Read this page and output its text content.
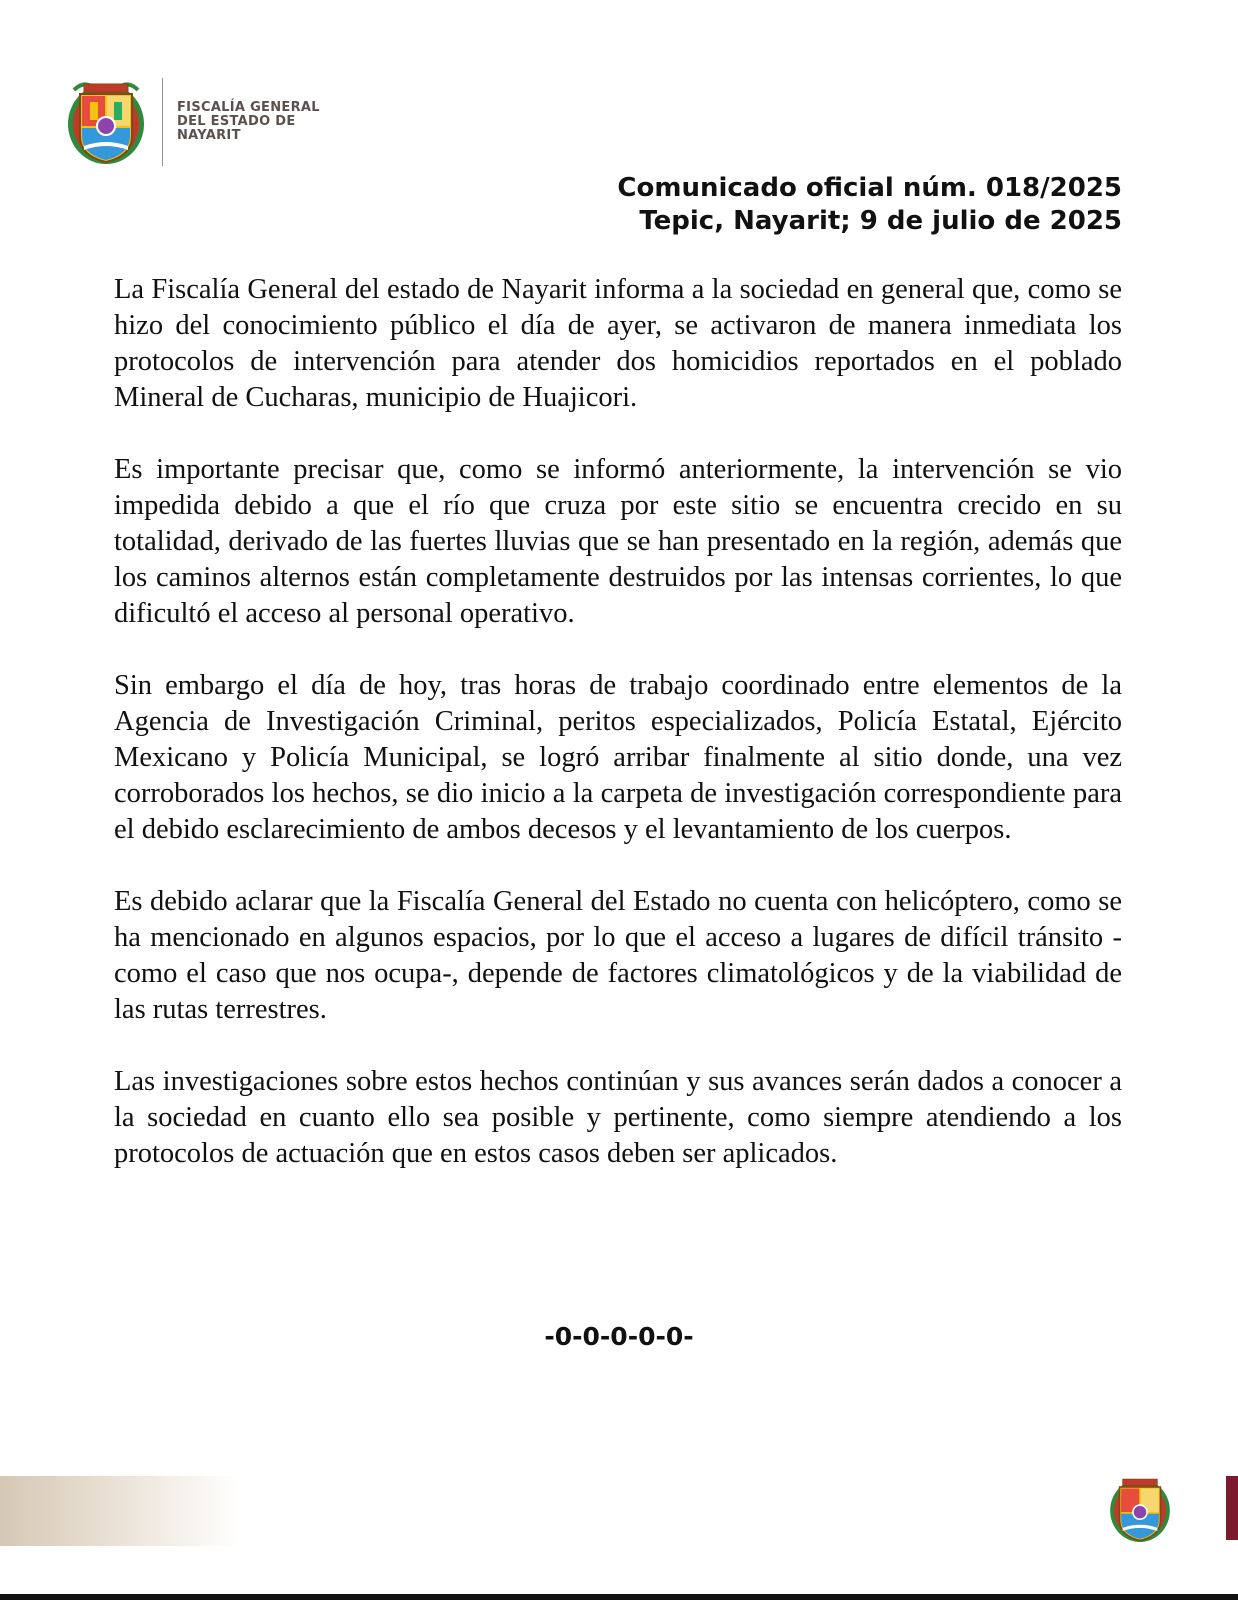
FISCALÍA GENERAL
DEL ESTADO DE
NAYARIT
Comunicado oficial núm. 018/2025
Tepic, Nayarit; 9 de julio de 2025

La Fiscalía General del estado de Nayarit informa a la sociedad en general que, como se hizo del conocimiento público el día de ayer, se activaron de manera inmediata los protocolos de intervención para atender dos homicidios reportados en el poblado Mineral de Cucharas, municipio de Huajicori.

Es importante precisar que, como se informó anteriormente, la intervención se vio impedida debido a que el río que cruza por este sitio se encuentra crecido en su totalidad, derivado de las fuertes lluvias que se han presentado en la región, además que los caminos alternos están completamente destruidos por las intensas corrientes, lo que dificultó el acceso al personal operativo.

Sin embargo el día de hoy, tras horas de trabajo coordinado entre elementos de la Agencia de Investigación Criminal, peritos especializados, Policía Estatal, Ejército Mexicano y Policía Municipal, se logró arribar finalmente al sitio donde, una vez corroborados los hechos, se dio inicio a la carpeta de investigación correspondiente para el debido esclarecimiento de ambos decesos y el levantamiento de los cuerpos.

Es debido aclarar que la Fiscalía General del Estado no cuenta con helicóptero, como se ha mencionado en algunos espacios, por lo que el acceso a lugares de difícil tránsito -como el caso que nos ocupa-, depende de factores climatológicos y de la viabilidad de las rutas terrestres.

Las investigaciones sobre estos hechos continúan y sus avances serán dados a conocer a la sociedad en cuanto ello sea posible y pertinente, como siempre atendiendo a los protocolos de actuación que en estos casos deben ser aplicados.

-0-0-0-0-0-
